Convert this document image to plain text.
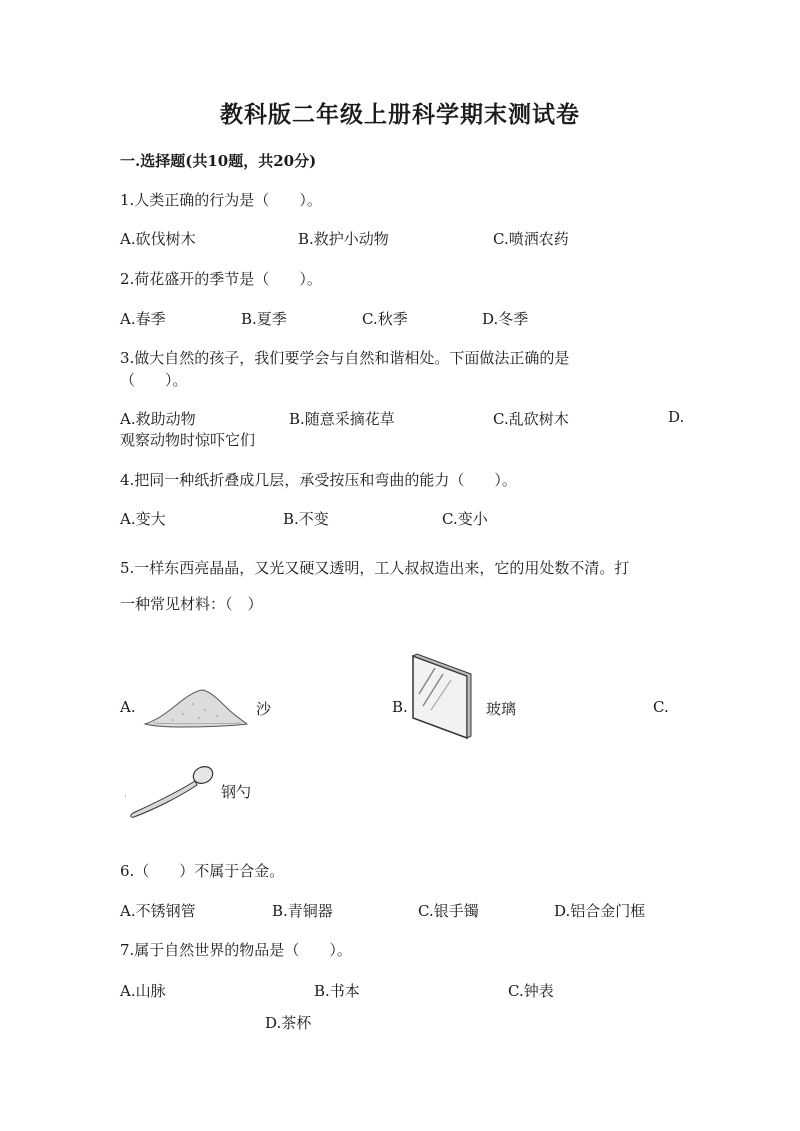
教科版二年级上册科学期末测试卷
一.选择题(共10题，共20分)
1.人类正确的行为是（　　）。
A.砍伐树木	B.救护小动物	C.喷洒农药
2.荷花盛开的季节是（　　）。
A.春季	B.夏季	C.秋季	D.冬季
3.做大自然的孩子，我们要学会与自然和谐相处。下面做法正确的是
（　　）。
A.救助动物	B.随意采摘花草	C.乱砍树木	D.
观察动物时惊吓它们
4.把同一种纸折叠成几层，承受按压和弯曲的能力（　　）。
A.变大	B.不变	C.变小
5.一样东西亮晶晶，又光又硬又透明，工人叔叔造出来，它的用处数不清。打
一种常见材料：（　）
A.	沙	B.	玻璃	C.
钢勺
6.（　　）不属于合金。
A.不锈钢管	B.青铜器	C.银手镯	D.铝合金门框
7.属于自然世界的物品是（　　）。
A.山脉	B.书本	C.钟表
D.茶杯
